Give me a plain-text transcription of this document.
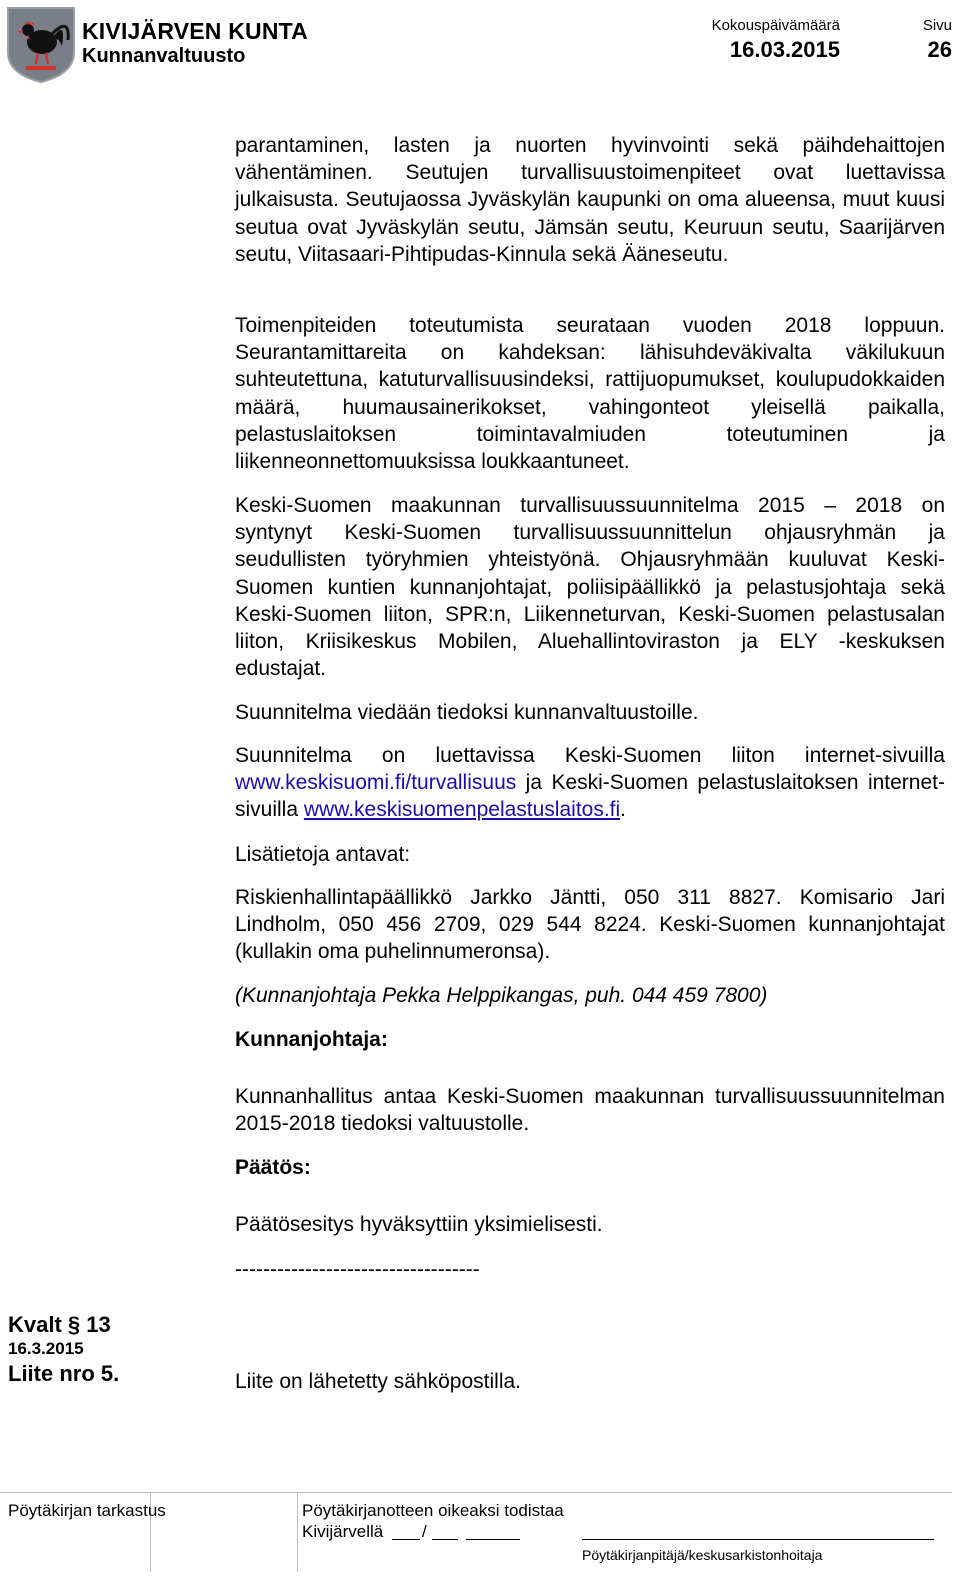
KIVIJÄRVEN KUNTA
Kunnanvaltuusto
Kokouspäivämäärä
16.03.2015
Sivu
26

parantaminen, lasten ja nuorten hyvinvointi sekä päihdehaittojen vähentäminen. Seutujen turvallisuustoimenpiteet ovat luettavissa julkaisusta. Seutujaossa Jyväskylän kaupunki on oma alueensa, muut kuusi seutua ovat Jyväskylän seutu, Jämsän seutu, Keuruun seutu, Saarijärven seutu, Viitasaari-Pihtipudas-Kinnula sekä Ääneseutu.

Toimenpiteiden toteutumista seurataan vuoden 2018 loppuun. Seurantamittareita on kahdeksan: lähisuhdeväkivalta väkilukuun suhteutettuna, katuturvallisuusindeksi, rattijuopumukset, koulupudokkaiden määrä, huumausainerikokset, vahingonteot yleisellä paikalla, pelastuslaitoksen toimintavalmiuden toteutuminen ja liikenneonnettomuuksissa loukkaantuneet.

Keski-Suomen maakunnan turvallisuussuunnitelma 2015 – 2018 on syntynyt Keski-Suomen turvallisuussuunnittelun ohjausryhmän ja seudullisten työryhmien yhteistyönä. Ohjausryhmään kuuluvat Keski-Suomen kuntien kunnanjohtajat, poliisipäällikkö ja pelastusjohtaja sekä Keski-Suomen liiton, SPR:n, Liikenneturvan, Keski-Suomen pelastusalan liiton, Kriisikeskus Mobilen, Aluehallintoviraston ja ELY -keskuksen edustajat.

Suunnitelma viedään tiedoksi kunnanvaltuustoille.

Suunnitelma on luettavissa Keski-Suomen liiton internet-sivuilla www.keskisuomi.fi/turvallisuus ja Keski-Suomen pelastuslaitoksen internet-sivuilla www.keskisuomenpelastuslaitos.fi.

Lisätietoja antavat:

Riskienhallintapäällikkö Jarkko Jäntti, 050 311 8827. Komisario Jari Lindholm, 050 456 2709, 029 544 8224. Keski-Suomen kunnanjohtajat (kullakin oma puhelinnumeronsa).

(Kunnanjohtaja Pekka Helppikangas, puh. 044 459 7800)

Kunnanjohtaja:

Kunnanhallitus antaa Keski-Suomen maakunnan turvallisuussuunnitelman 2015-2018 tiedoksi valtuustolle.

Päätös:

Päätösesitys hyväksyttiin yksimielisesti.

-----------------------------------

Liite on lähetetty sähköpostilla.

Kvalt § 13
16.3.2015
Liite nro 5.
Pöytäkirjan tarkastus	Pöytäkirjanotteen oikeaksi todistaa
Kivijärvellä /
Pöytäkirjanpitäjä/keskusarkistonhoitaja
